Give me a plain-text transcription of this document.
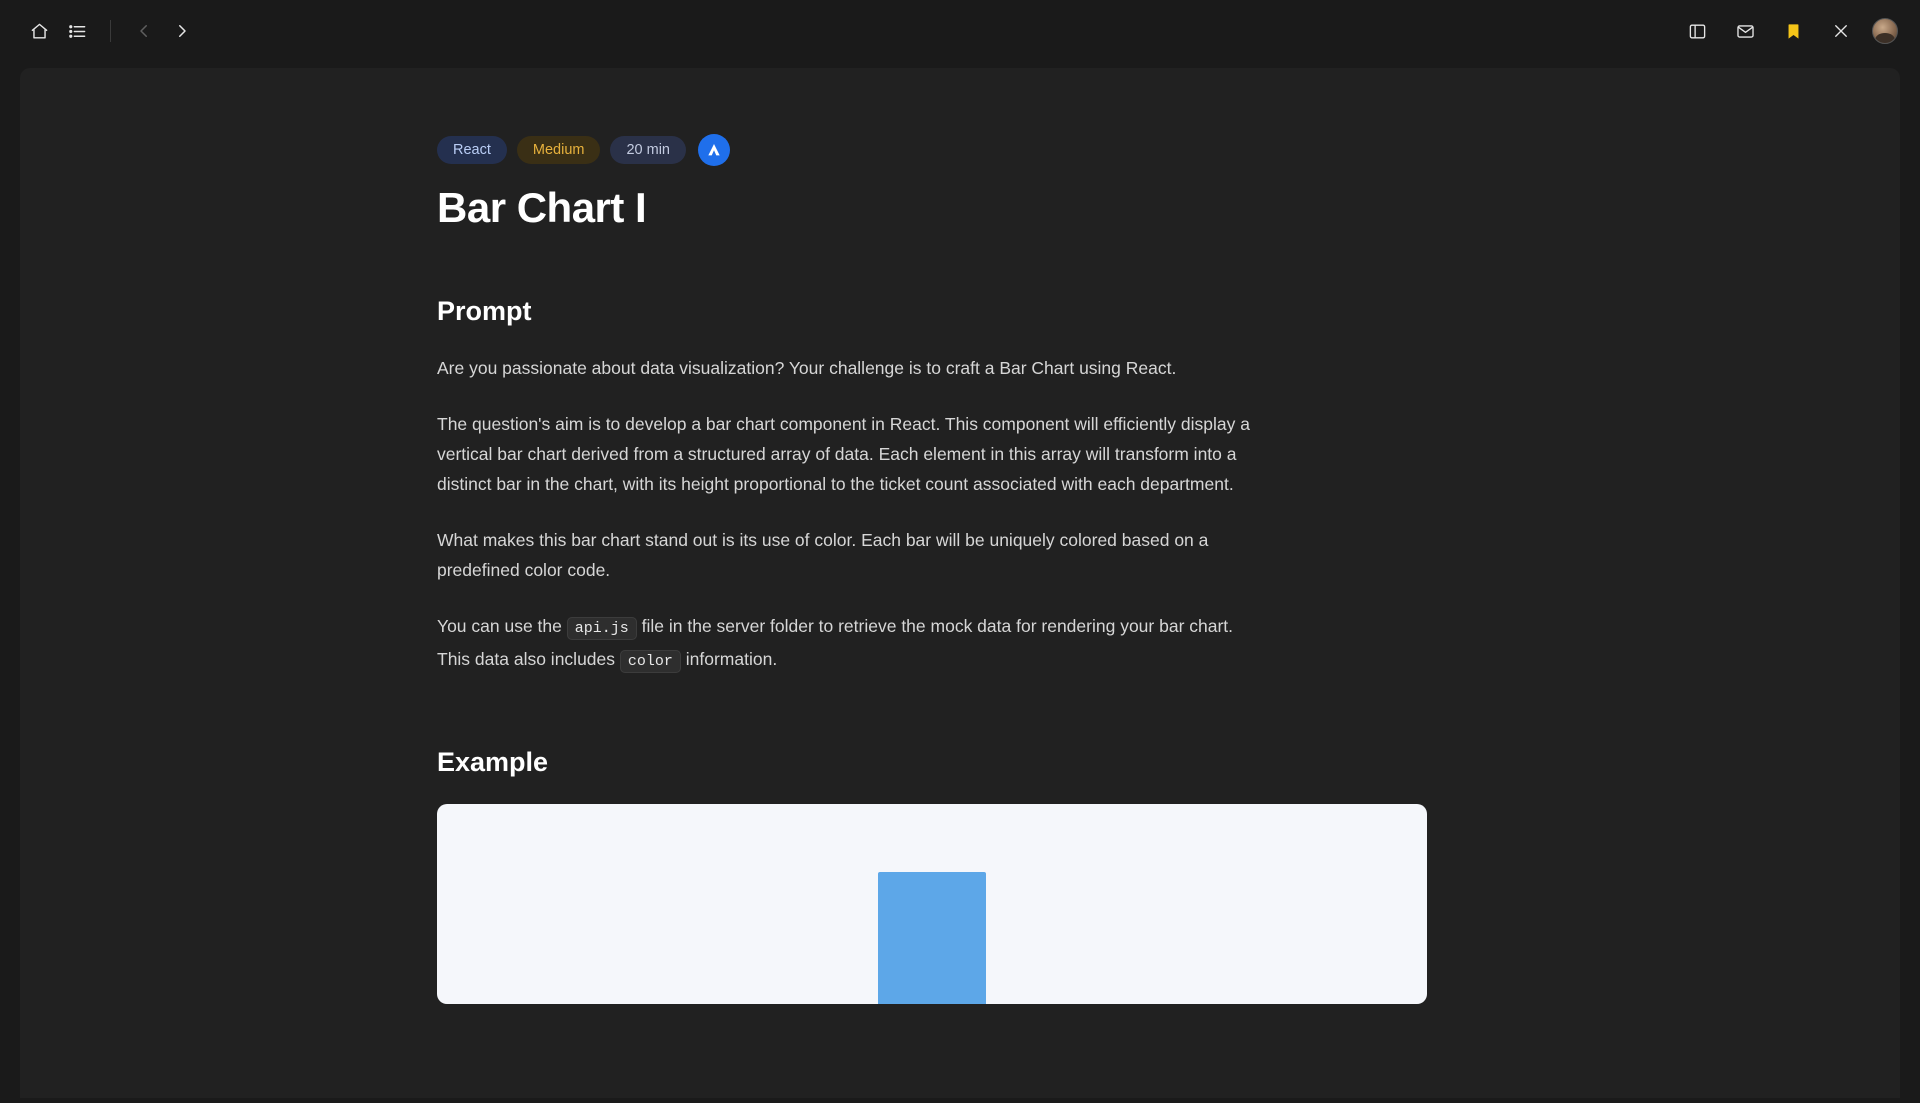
React	Medium	20 min
Bar Chart I
Prompt

Are you passionate about data visualization? Your challenge is to craft a Bar Chart using React.

The question's aim is to develop a bar chart component in React. This component will efficiently display a vertical bar chart derived from a structured array of data. Each element in this array will transform into a distinct bar in the chart, with its height proportional to the ticket count associated with each department.

What makes this bar chart stand out is its use of color. Each bar will be uniquely colored based on a predefined color code.

You can use the api.js file in the server folder to retrieve the mock data for rendering your bar chart. This data also includes color information.

Example
